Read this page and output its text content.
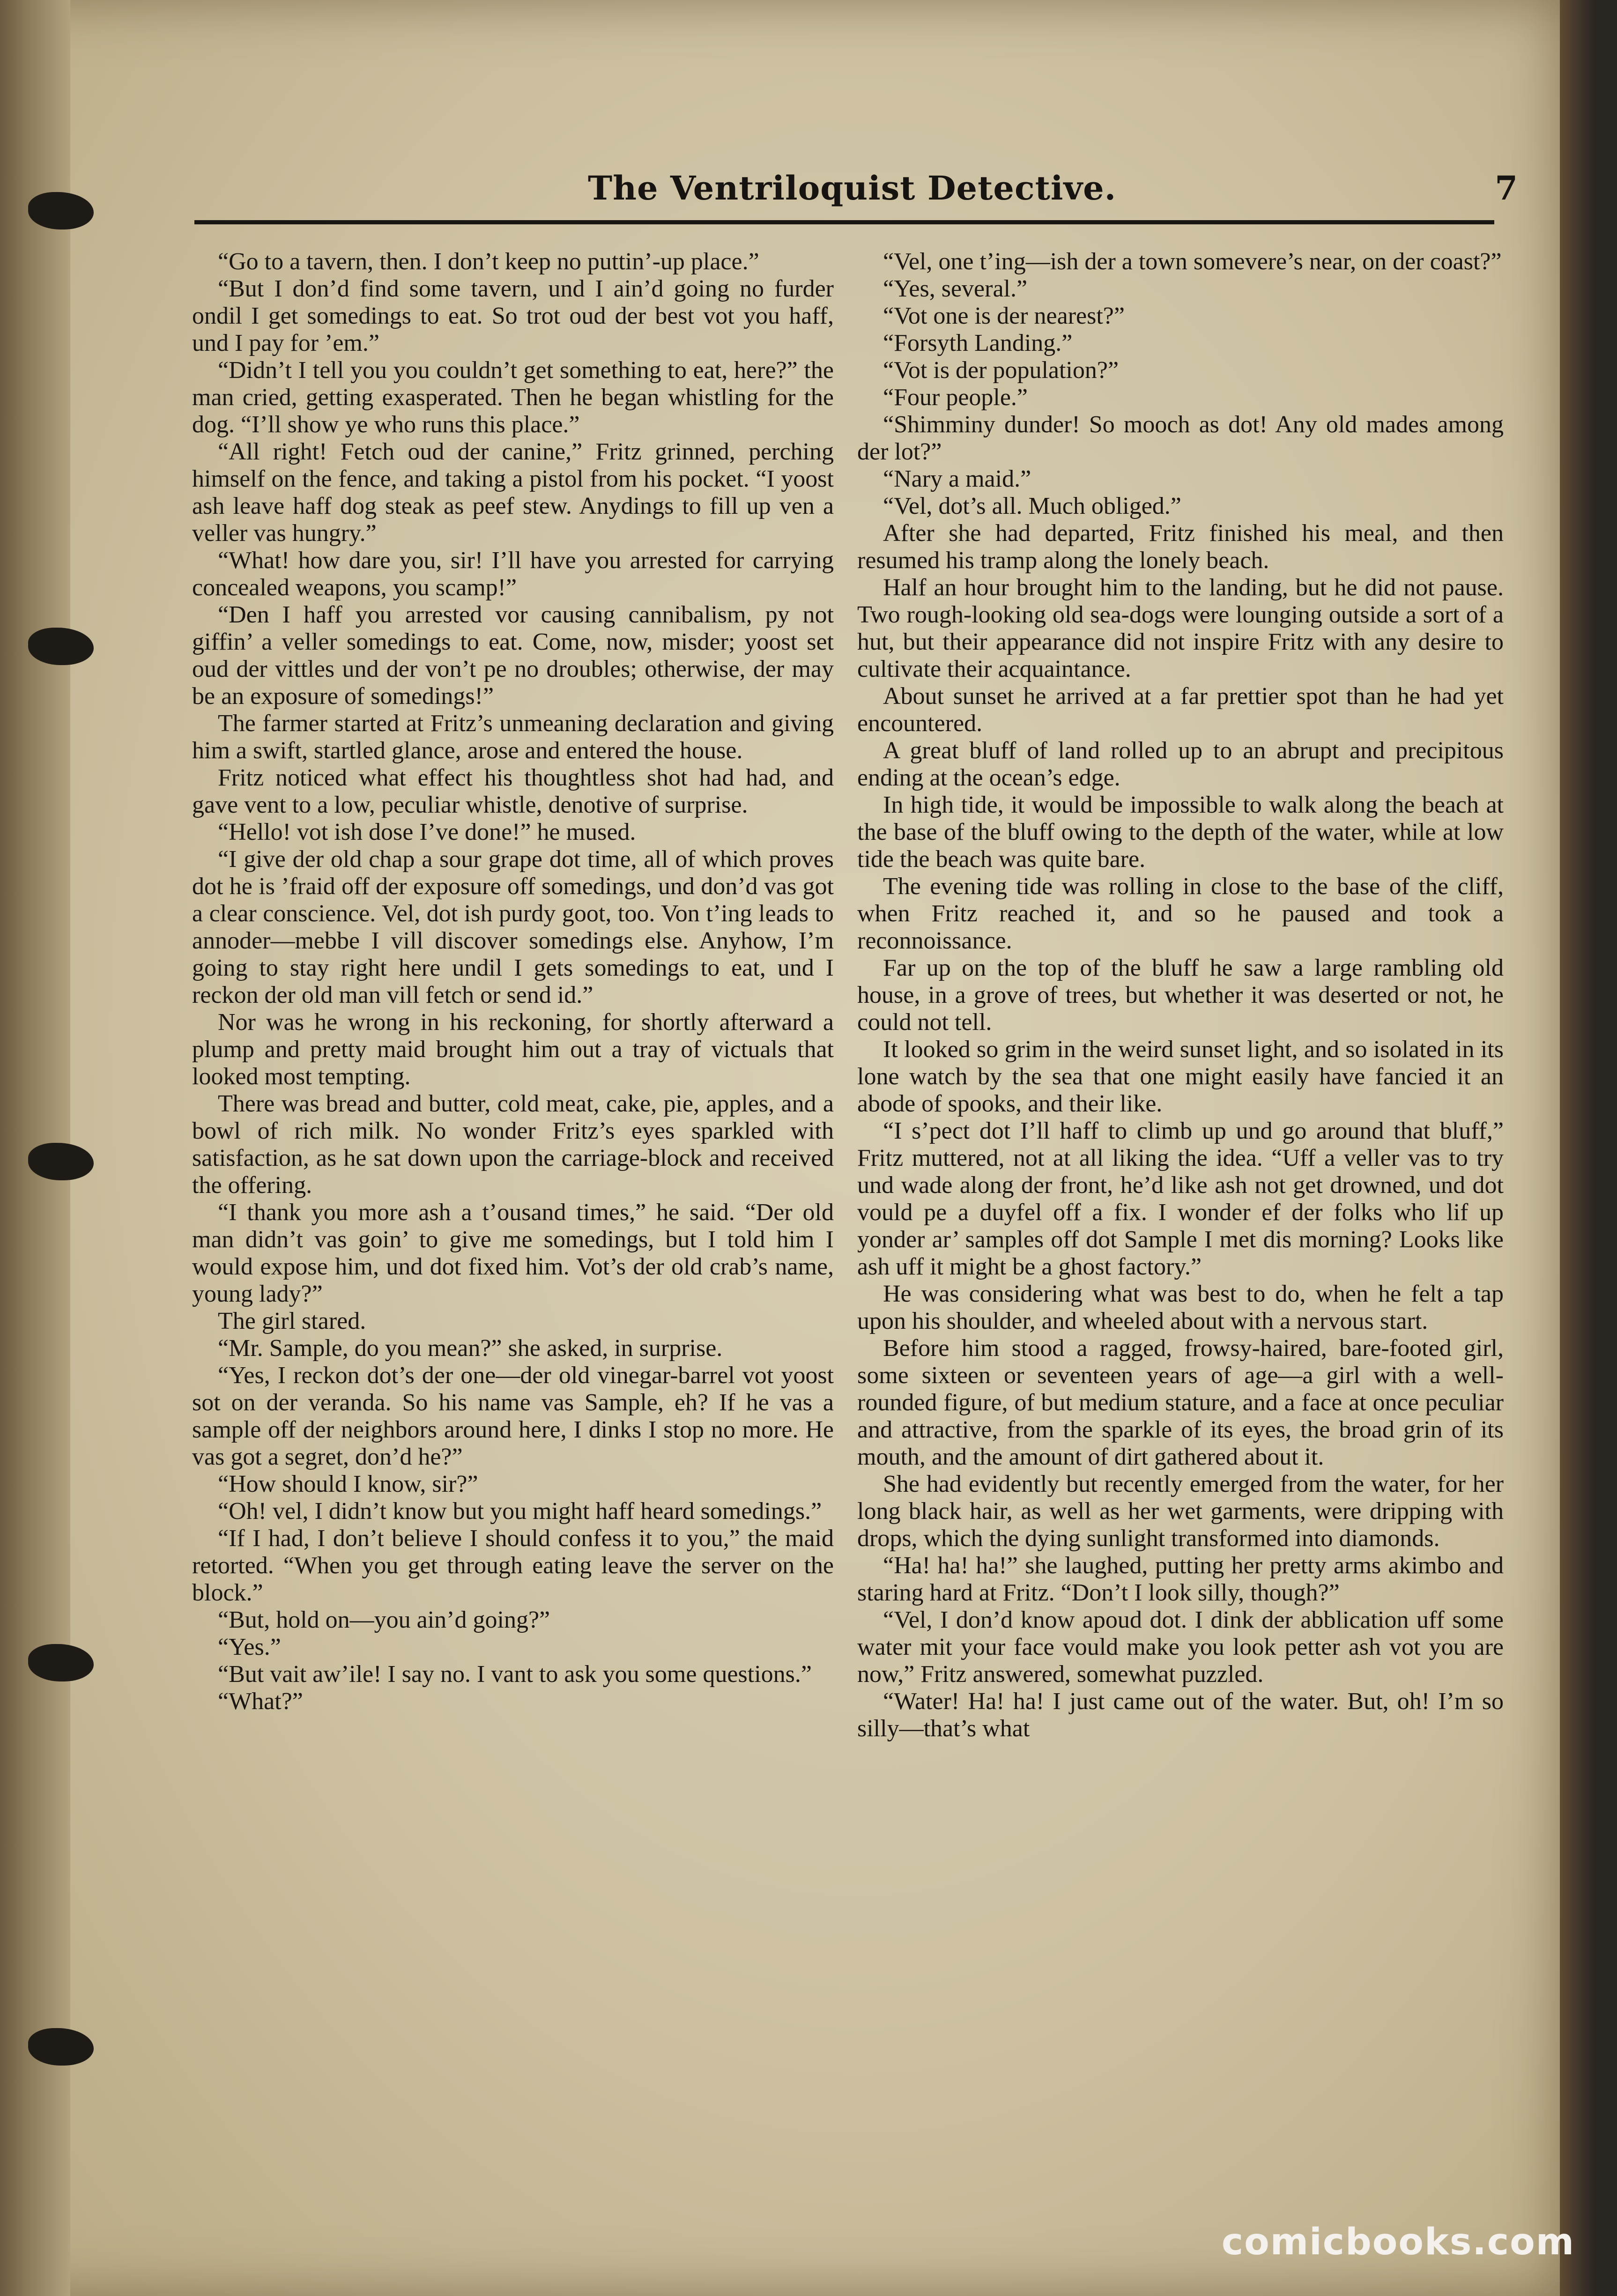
The Ventriloquist Detective.	7

“Go to a tavern, then. I don’t keep no puttin’-up place.”

“But I don’d find some tavern, und I ain’d going no furder ondil I get somedings to eat. So trot oud der best vot you haff, und I pay for ’em.”

“Didn’t I tell you you couldn’t get something to eat, here?” the man cried, getting exasperated. Then he began whistling for the dog. “I’ll show ye who runs this place.”

“All right! Fetch oud der canine,” Fritz grinned, perching himself on the fence, and taking a pistol from his pocket. “I yoost ash leave haff dog steak as peef stew. Anydings to fill up ven a veller vas hungry.”

“What! how dare you, sir! I’ll have you arrested for carrying concealed weapons, you scamp!”

“Den I haff you arrested vor causing cannibalism, py not giffin’ a veller somedings to eat. Come, now, misder; yoost set oud der vittles und der von’t pe no droubles; otherwise, der may be an exposure of somedings!”

The farmer started at Fritz’s unmeaning declaration and giving him a swift, startled glance, arose and entered the house.

Fritz noticed what effect his thoughtless shot had had, and gave vent to a low, peculiar whistle, denotive of surprise.

“Hello! vot ish dose I’ve done!” he mused.

“I give der old chap a sour grape dot time, all of which proves dot he is ’fraid off der exposure off somedings, und don’d vas got a clear conscience. Vel, dot ish purdy goot, too. Von t’ing leads to annoder—mebbe I vill discover somedings else. Anyhow, I’m going to stay right here undil I gets somedings to eat, und I reckon der old man vill fetch or send id.”

Nor was he wrong in his reckoning, for shortly afterward a plump and pretty maid brought him out a tray of victuals that looked most tempting.

There was bread and butter, cold meat, cake, pie, apples, and a bowl of rich milk. No wonder Fritz’s eyes sparkled with satisfaction, as he sat down upon the carriage-block and received the offering.

“I thank you more ash a t’ousand times,” he said. “Der old man didn’t vas goin’ to give me somedings, but I told him I would expose him, und dot fixed him. Vot’s der old crab’s name, young lady?”

The girl stared.

“Mr. Sample, do you mean?” she asked, in surprise.

“Yes, I reckon dot’s der one—der old vinegar-barrel vot yoost sot on der veranda. So his name vas Sample, eh? If he vas a sample off der neighbors around here, I dinks I stop no more. He vas got a segret, don’d he?”

“How should I know, sir?”

“Oh! vel, I didn’t know but you might haff heard somedings.”

“If I had, I don’t believe I should confess it to you,” the maid retorted. “When you get through eating leave the server on the block.”

“But, hold on—you ain’d going?”

“Yes.”

“But vait aw’ile! I say no. I vant to ask you some questions.”

“What?”

“Vel, one t’ing—ish der a town somevere’s near, on der coast?”

“Yes, several.”

“Vot one is der nearest?”

“Forsyth Landing.”

“Vot is der population?”

“Four people.”

“Shimminy dunder! So mooch as dot! Any old mades among der lot?”

“Nary a maid.”

“Vel, dot’s all. Much obliged.”

After she had departed, Fritz finished his meal, and then resumed his tramp along the lonely beach.

Half an hour brought him to the landing, but he did not pause. Two rough-looking old sea-dogs were lounging outside a sort of a hut, but their appearance did not inspire Fritz with any desire to cultivate their acquaintance.

About sunset he arrived at a far prettier spot than he had yet encountered.

A great bluff of land rolled up to an abrupt and precipitous ending at the ocean’s edge.

In high tide, it would be impossible to walk along the beach at the base of the bluff owing to the depth of the water, while at low tide the beach was quite bare.

The evening tide was rolling in close to the base of the cliff, when Fritz reached it, and so he paused and took a reconnoissance.

Far up on the top of the bluff he saw a large rambling old house, in a grove of trees, but whether it was deserted or not, he could not tell.

It looked so grim in the weird sunset light, and so isolated in its lone watch by the sea that one might easily have fancied it an abode of spooks, and their like.

“I s’pect dot I’ll haff to climb up und go around that bluff,” Fritz muttered, not at all liking the idea. “Uff a veller vas to try und wade along der front, he’d like ash not get drowned, und dot vould pe a duyfel off a fix. I wonder ef der folks who lif up yonder ar’ samples off dot Sample I met dis morning? Looks like ash uff it might be a ghost factory.”

He was considering what was best to do, when he felt a tap upon his shoulder, and wheeled about with a nervous start.

Before him stood a ragged, frowsy-haired, bare-footed girl, some sixteen or seventeen years of age—a girl with a well-rounded figure, of but medium stature, and a face at once peculiar and attractive, from the sparkle of its eyes, the broad grin of its mouth, and the amount of dirt gathered about it.

She had evidently but recently emerged from the water, for her long black hair, as well as her wet garments, were dripping with drops, which the dying sunlight transformed into diamonds.

“Ha! ha! ha!” she laughed, putting her pretty arms akimbo and staring hard at Fritz. “Don’t I look silly, though?”

“Vel, I don’d know apoud dot. I dink der abblication uff some water mit your face vould make you look petter ash vot you are now,” Fritz answered, somewhat puzzled.

“Water! Ha! ha! I just came out of the water. But, oh! I’m so silly—that’s what

comicbooks.com
